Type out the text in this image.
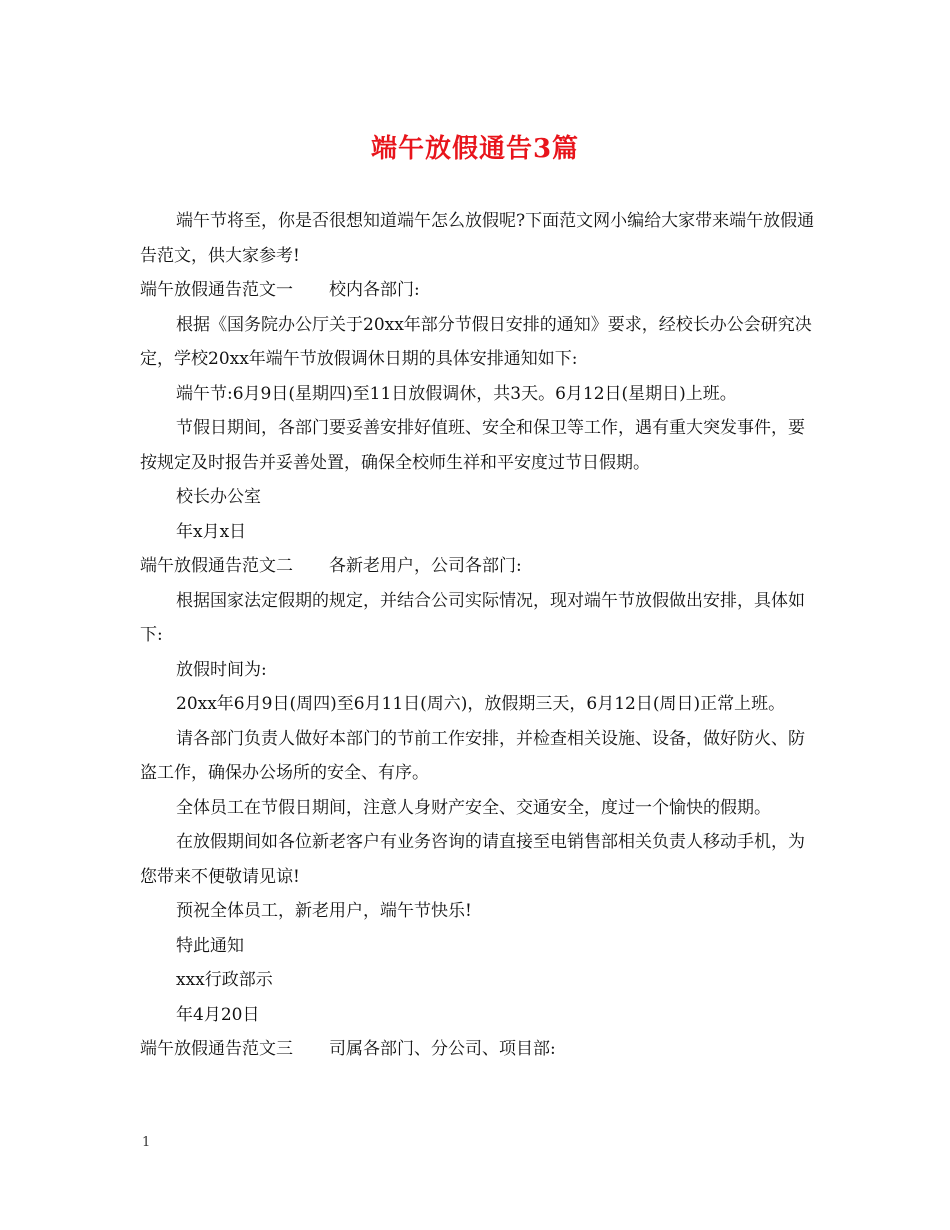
端午放假通告3篇

端午节将至，你是否很想知道端午怎么放假呢?下面范文网小编给大家带来端午放假通告范文，供大家参考!

端午放假通告范文一 校内各部门:

根据《国务院办公厅关于20xx年部分节假日安排的通知》要求，经校长办公会研究决定，学校20xx年端午节放假调休日期的具体安排通知如下:

端午节:6月9日(星期四)至11日放假调休，共3天。6月12日(星期日)上班。

节假日期间，各部门要妥善安排好值班、安全和保卫等工作，遇有重大突发事件，要按规定及时报告并妥善处置，确保全校师生祥和平安度过节日假期。

校长办公室

年x月x日

端午放假通告范文二 各新老用户，公司各部门:

根据国家法定假期的规定，并结合公司实际情况，现对端午节放假做出安排，具体如下:

放假时间为:

20xx年6月9日(周四)至6月11日(周六)，放假期三天，6月12日(周日)正常上班。

请各部门负责人做好本部门的节前工作安排，并检查相关设施、设备，做好防火、防盗工作，确保办公场所的安全、有序。

全体员工在节假日期间，注意人身财产安全、交通安全，度过一个愉快的假期。

在放假期间如各位新老客户有业务咨询的请直接至电销售部相关负责人移动手机，为您带来不便敬请见谅!

预祝全体员工，新老用户，端午节快乐!

特此通知

xxx行政部示

年4月20日

端午放假通告范文三 司属各部门、分公司、项目部:

1
